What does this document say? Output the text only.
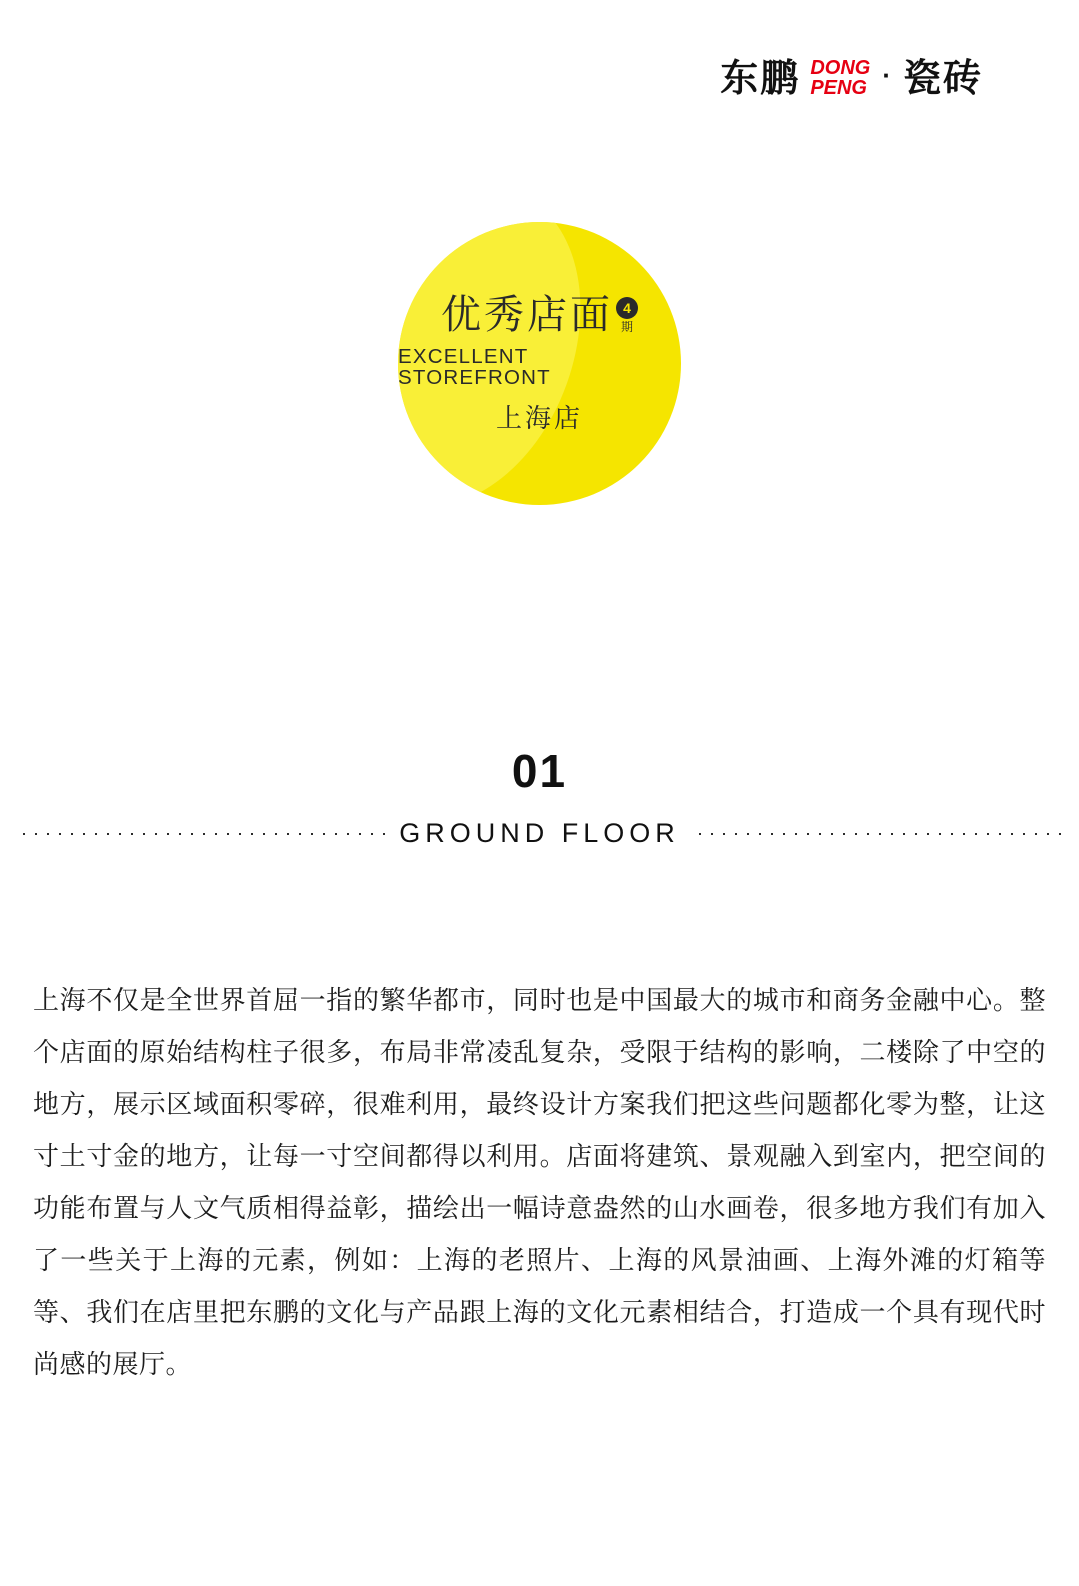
东鹏 DONG
PENG · 瓷砖
优秀店面 4
期
EXCELLENT STOREFRONT
上海店
01
GROUND FLOOR
上海不仅是全世界首屈一指的繁华都市，同时也是中国最大的城市和商务金融中心。整个店面的原始结构柱子很多，布局非常凌乱复杂，受限于结构的影响，二楼除了中空的地方，展示区域面积零碎，很难利用，最终设计方案我们把这些问题都化零为整，让这寸土寸金的地方，让每一寸空间都得以利用。店面将建筑、景观融入到室内，把空间的功能布置与人文气质相得益彰，描绘出一幅诗意盎然的山水画卷，很多地方我们有加入了一些关于上海的元素，例如：上海的老照片、上海的风景油画、上海外滩的灯箱等等、我们在店里把东鹏的文化与产品跟上海的文化元素相结合，打造成一个具有现代时尚感的展厅。
